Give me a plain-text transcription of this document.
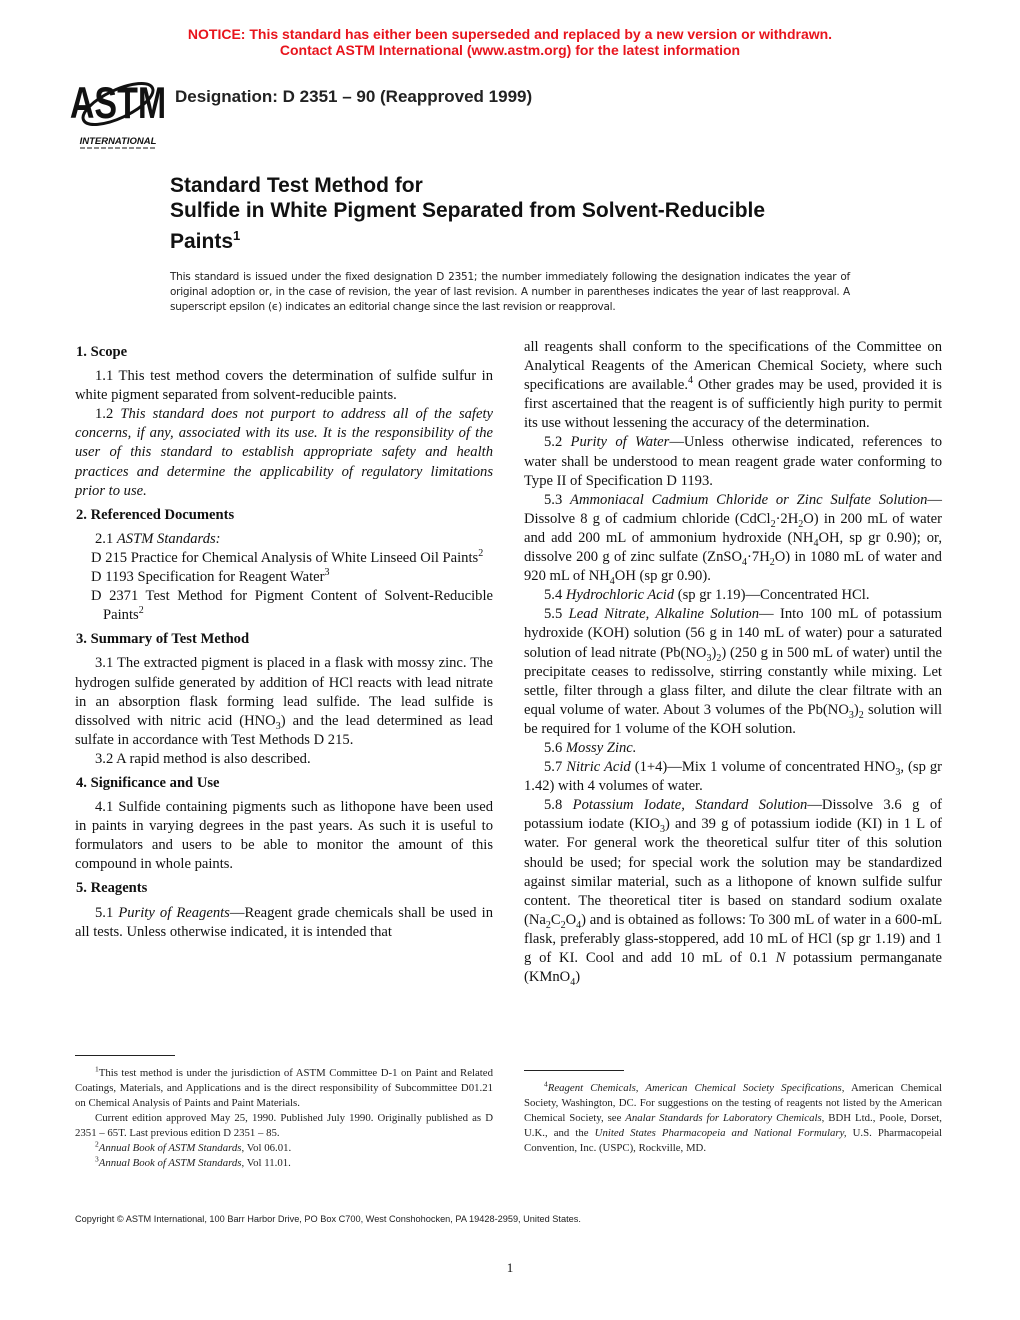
NOTICE: This standard has either been superseded and replaced by a new version or withdrawn.
Contact ASTM International (www.astm.org) for the latest information
ASTM
INTERNATIONAL
Designation: D 2351 – 90 (Reapproved 1999)
Standard Test Method for
Sulfide in White Pigment Separated from Solvent-Reducible
Paints$^1$
This standard is issued under the fixed designation D 2351; the number immediately following the designation indicates the year of original adoption or, in the case of revision, the year of last revision. A number in parentheses indicates the year of last reapproval. A superscript epsilon (ϵ) indicates an editorial change since the last revision or reapproval.
1. Scope

1.1 This test method covers the determination of sulfide sulfur in white pigment separated from solvent-reducible paints.

1.2 This standard does not purport to address all of the safety concerns, if any, associated with its use. It is the responsibility of the user of this standard to establish appropriate safety and health practices and determine the applicability of regulatory limitations prior to use.

2. Referenced Documents

2.1 ASTM Standards:

D 215 Practice for Chemical Analysis of White Linseed Oil Paints$^2$

D 1193 Specification for Reagent Water$^3$

D 2371 Test Method for Pigment Content of Solvent-Reducible Paints$^2$

3. Summary of Test Method

3.1 The extracted pigment is placed in a flask with mossy zinc. The hydrogen sulfide generated by addition of HCl reacts with lead nitrate in an absorption flask forming lead sulfide. The lead sulfide is dissolved with nitric acid $(HNO_3)$ and the lead determined as lead sulfate in accordance with Test Methods D 215.

3.2 A rapid method is also described.

4. Significance and Use

4.1 Sulfide containing pigments such as lithopone have been used in paints in varying degrees in the past years. As such it is useful to formulators and users to be able to monitor the amount of this compound in whole paints.

5. Reagents

5.1 Purity of Reagents—Reagent grade chemicals shall be used in all tests. Unless otherwise indicated, it is intended that

all reagents shall conform to the specifications of the Committee on Analytical Reagents of the American Chemical Society, where such specifications are available.$^4$ Other grades may be used, provided it is first ascertained that the reagent is of sufficiently high purity to permit its use without lessening the accuracy of the determination.

5.2 Purity of Water—Unless otherwise indicated, references to water shall be understood to mean reagent grade water conforming to Type II of Specification D 1193.

5.3 Ammoniacal Cadmium Chloride or Zinc Sulfate Solution—Dissolve 8 g of cadmium chloride $(CdCl_2\cdot 2H_2O)$ in 200 mL of water and add 200 mL of ammonium hydroxide ($NH_4OH$, sp gr 0.90); or, dissolve 200 g of zinc sulfate $(ZnSO_4\cdot 7H_2O)$ in 1080 mL of water and 920 mL of $NH_4OH$ (sp gr 0.90).

5.4 Hydrochloric Acid (sp gr 1.19)—Concentrated HCl.

5.5 Lead Nitrate, Alkaline Solution— Into 100 mL of potassium hydroxide (KOH) solution (56 g in 140 mL of water) pour a saturated solution of lead nitrate $(Pb(NO_3)_2)$ (250 g in 500 mL of water) until the precipitate ceases to redissolve, stirring constantly while mixing. Let settle, filter through a glass filter, and dilute the clear filtrate with an equal volume of water. About 3 volumes of the $Pb(NO_3)_2$ solution will be required for 1 volume of the KOH solution.

5.6 Mossy Zinc.

5.7 Nitric Acid (1+4)—Mix 1 volume of concentrated $HNO_3$, (sp gr 1.42) with 4 volumes of water.

5.8 Potassium Iodate, Standard Solution—Dissolve 3.6 g of potassium iodate $(KIO_3)$ and 39 g of potassium iodide (KI) in 1 L of water. For general work the theoretical sulfur titer of this solution should be used; for special work the solution may be standardized against similar material, such as a lithopone of known sulfide sulfur content. The theoretical titer is based on standard sodium oxalate $(Na_2C_2O_4)$ and is obtained as follows: To 300 mL of water in a 600-mL flask, preferably glass-stoppered, add 10 mL of HCl (sp gr 1.19) and 1 g of KI. Cool and add 10 mL of 0.1 N potassium permanganate (KMnO$_4$)

$^1$This test method is under the jurisdiction of ASTM Committee D-1 on Paint and Related Coatings, Materials, and Applications and is the direct responsibility of Subcommittee D01.21 on Chemical Analysis of Paints and Paint Materials.

Current edition approved May 25, 1990. Published July 1990. Originally published as D 2351 – 65T. Last previous edition D 2351 – 85.

$^2$Annual Book of ASTM Standards, Vol 06.01.

$^3$Annual Book of ASTM Standards, Vol 11.01.

$^4$Reagent Chemicals, American Chemical Society Specifications, American Chemical Society, Washington, DC. For suggestions on the testing of reagents not listed by the American Chemical Society, see Analar Standards for Laboratory Chemicals, BDH Ltd., Poole, Dorset, U.K., and the United States Pharmacopeia and National Formulary, U.S. Pharmacopeial Convention, Inc. (USPC), Rockville, MD.

Copyright © ASTM International, 100 Barr Harbor Drive, PO Box C700, West Conshohocken, PA 19428-2959, United States.
1
